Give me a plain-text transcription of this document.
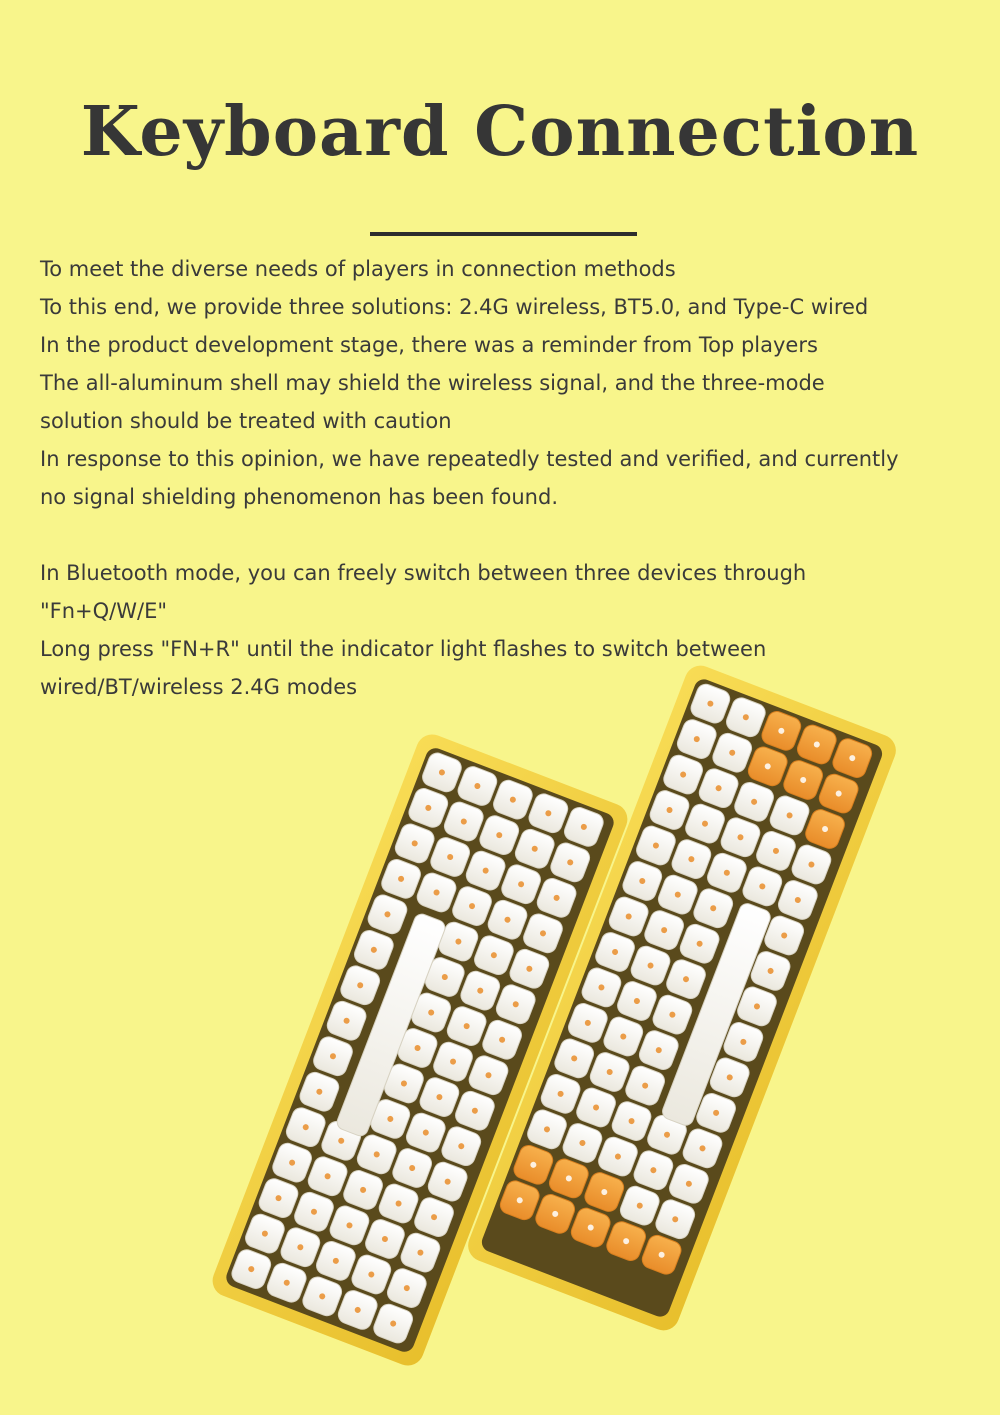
Keyboard Connection
To meet the diverse needs of players in connection methods
To this end, we provide three solutions: 2.4G wireless, BT5.0, and Type-C wired
In the product development stage, there was a reminder from Top players
The all-aluminum shell may shield the wireless signal, and the three-mode
solution should be treated with caution
In response to this opinion, we have repeatedly tested and verified, and currently
no signal shielding phenomenon has been found.
In Bluetooth mode, you can freely switch between three devices through
"Fn+Q/W/E"
Long press "FN+R" until the indicator light flashes to switch between
wired/BT/wireless 2.4G modes
